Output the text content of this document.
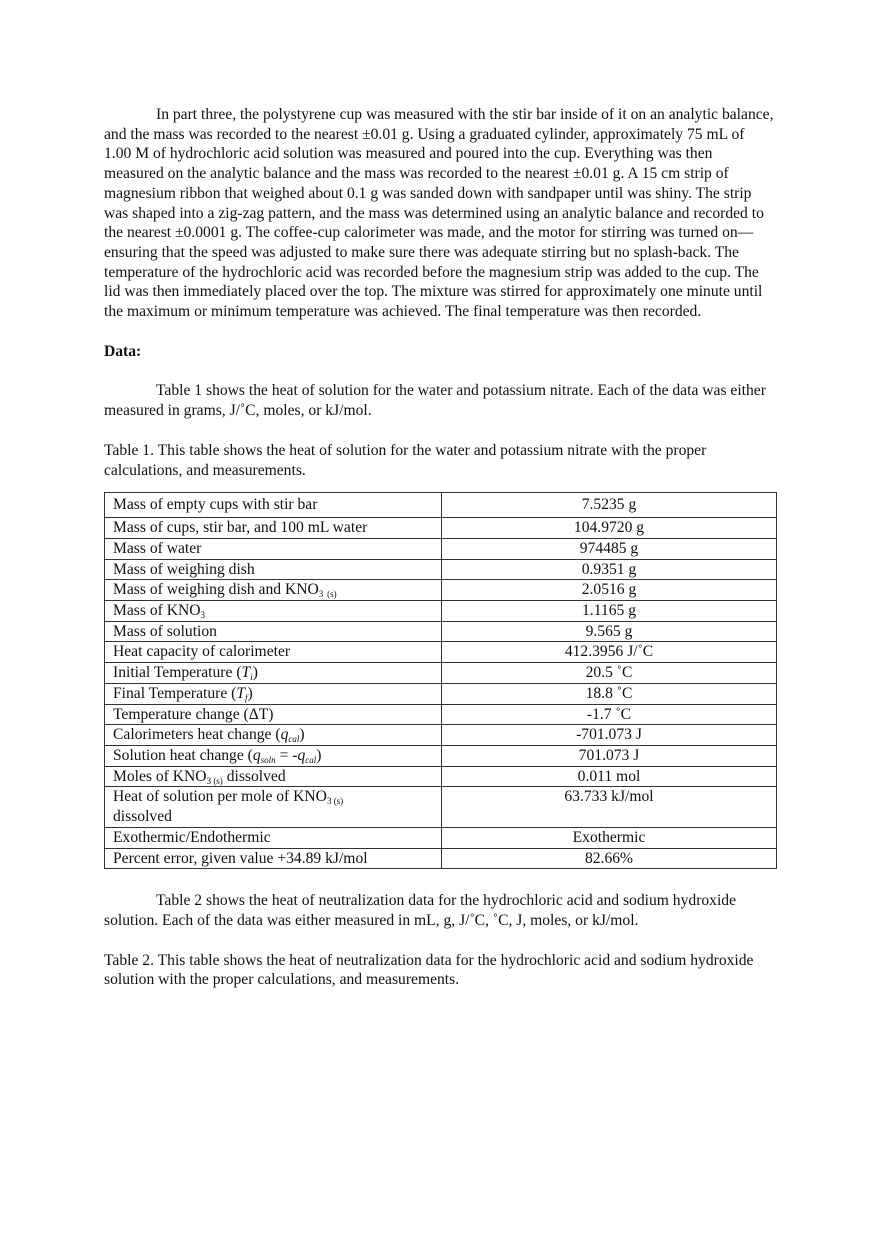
In part three, the polystyrene cup was measured with the stir bar inside of it on an analytic balance, and the mass was recorded to the nearest ±0.01 g. Using a graduated cylinder, approximately 75 mL of 1.00 M of hydrochloric acid solution was measured and poured into the cup. Everything was then measured on the analytic balance and the mass was recorded to the nearest ±0.01 g. A 15 cm strip of magnesium ribbon that weighed about 0.1 g was sanded down with sandpaper until was shiny. The strip was shaped into a zig-zag pattern, and the mass was determined using an analytic balance and recorded to the nearest ±0.0001 g. The coffee-cup calorimeter was made, and the motor for stirring was turned on—ensuring that the speed was adjusted to make sure there was adequate stirring but no splash-back. The temperature of the hydrochloric acid was recorded before the magnesium strip was added to the cup. The lid was then immediately placed over the top. The mixture was stirred for approximately one minute until the maximum or minimum temperature was achieved. The final temperature was then recorded.

Data:

Table 1 shows the heat of solution for the water and potassium nitrate. Each of the data was either measured in grams, J/˚C, moles, or kJ/mol.

Table 1. This table shows the heat of solution for the water and potassium nitrate with the proper calculations, and measurements.

Mass of empty cups with stir bar	7.5235 g
Mass of cups, stir bar, and 100 mL water	104.9720 g
Mass of water	974485 g
Mass of weighing dish	0.9351 g
Mass of weighing dish and KNO3 (s)	2.0516 g
Mass of KNO3	1.1165 g
Mass of solution	9.565 g
Heat capacity of calorimeter	412.3956 J/˚C
Initial Temperature (Ti)	20.5 ˚C
Final Temperature (Tf)	18.8 ˚C
Temperature change (ΔT)	-1.7 ˚C
Calorimeters heat change (qcal)	-701.073 J
Solution heat change (qsoln = -qcal)	701.073 J
Moles of KNO3 (s) dissolved	0.011 mol
Heat of solution per mole of KNO3 (s)
dissolved	63.733 kJ/mol
Exothermic/Endothermic	Exothermic
Percent error, given value +34.89 kJ/mol	82.66%

Table 2 shows the heat of neutralization data for the hydrochloric acid and sodium hydroxide solution. Each of the data was either measured in mL, g, J/˚C, ˚C, J, moles, or kJ/mol.

Table 2. This table shows the heat of neutralization data for the hydrochloric acid and sodium hydroxide solution with the proper calculations, and measurements.
